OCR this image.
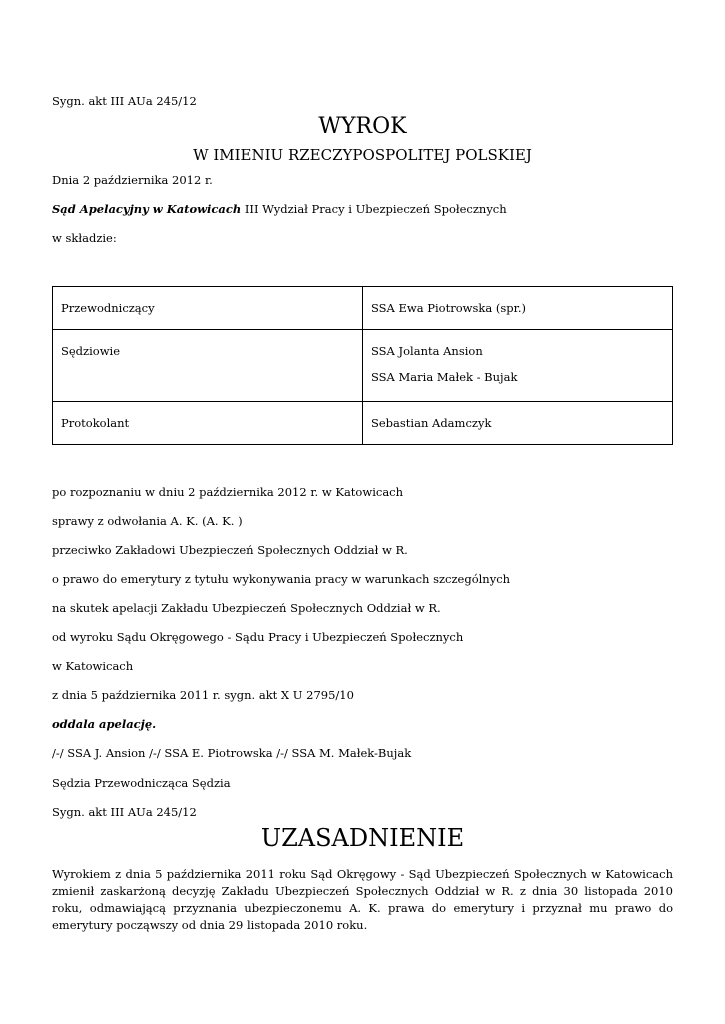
Sygn. akt III AUa 245/12
WYROK
W IMIENIU RZECZYPOSPOLITEJ POLSKIEJ
Dnia 2 października 2012 r.
Sąd Apelacyjny w Katowicach III Wydział Pracy i Ubezpieczeń Społecznych
w składzie:
Przewodniczący	SSA Ewa Piotrowska (spr.)

Sędziowie	SSA Jolanta Ansion
SSA Maria Małek - Bujak

Protokolant	Sebastian Adamczyk
po rozpoznaniu w dniu 2 października 2012 r. w Katowicach
sprawy z odwołania A. K. (A. K. )
przeciwko Zakładowi Ubezpieczeń Społecznych Oddział w R.
o prawo do emerytury z tytułu wykonywania pracy w warunkach szczególnych
na skutek apelacji Zakładu Ubezpieczeń Społecznych Oddział w R.
od wyroku Sądu Okręgowego - Sądu Pracy i Ubezpieczeń Społecznych
w Katowicach
z dnia 5 października 2011 r. sygn. akt X U 2795/10
oddala apelację.
/-/ SSA J. Ansion /-/ SSA E. Piotrowska /-/ SSA M. Małek-Bujak
Sędzia Przewodnicząca Sędzia
Sygn. akt III AUa 245/12
UZASADNIENIE
Wyrokiem z dnia 5 października 2011 roku Sąd Okręgowy - Sąd Ubezpieczeń Społecznych w Katowicach zmienił zaskarżoną decyzję Zakładu Ubezpieczeń Społecznych Oddział w R. z dnia 30 listopada 2010 roku, odmawiającą przyznania ubezpieczonemu A. K. prawa do emerytury i przyznał mu prawo do emerytury począwszy od dnia 29 listopada 2010 roku.
